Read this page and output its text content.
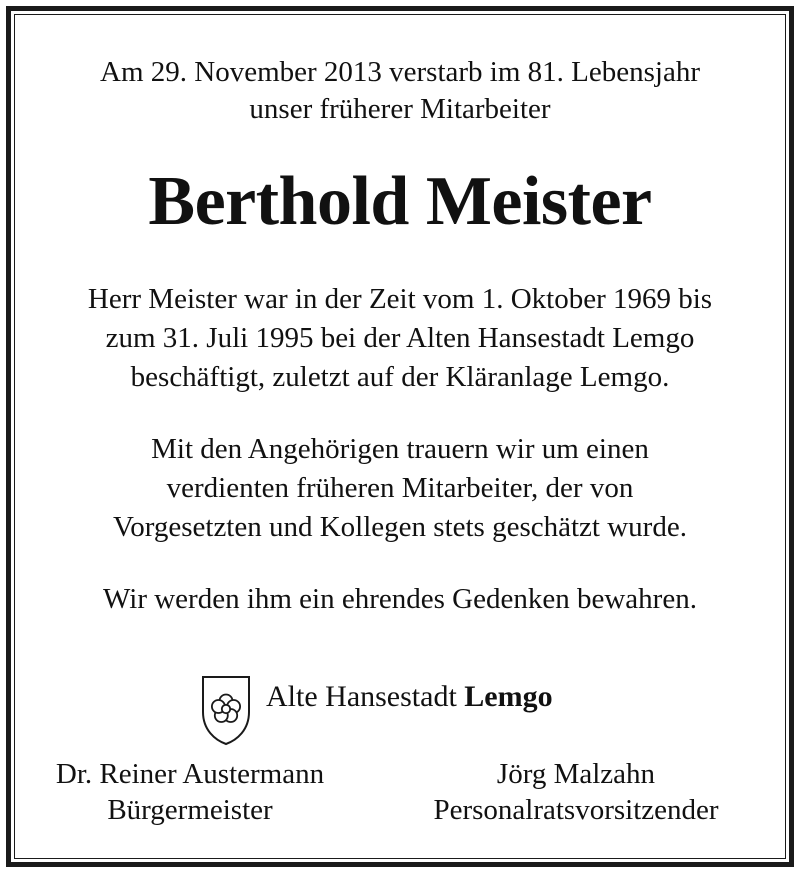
Am 29. November 2013 verstarb im 81. Lebensjahr
unser früherer Mitarbeiter
Berthold Meister
Herr Meister war in der Zeit vom 1. Oktober 1969 bis
zum 31. Juli 1995 bei der Alten Hansestadt Lemgo
beschäftigt, zuletzt auf der Kläranlage Lemgo.
Mit den Angehörigen trauern wir um einen
verdienten früheren Mitarbeiter, der von
Vorgesetzten und Kollegen stets geschätzt wurde.
Wir werden ihm ein ehrendes Gedenken bewahren.
Alte Hansestadt Lemgo
Dr. Reiner Austermann
Bürgermeister
Jörg Malzahn
Personalratsvorsitzender
